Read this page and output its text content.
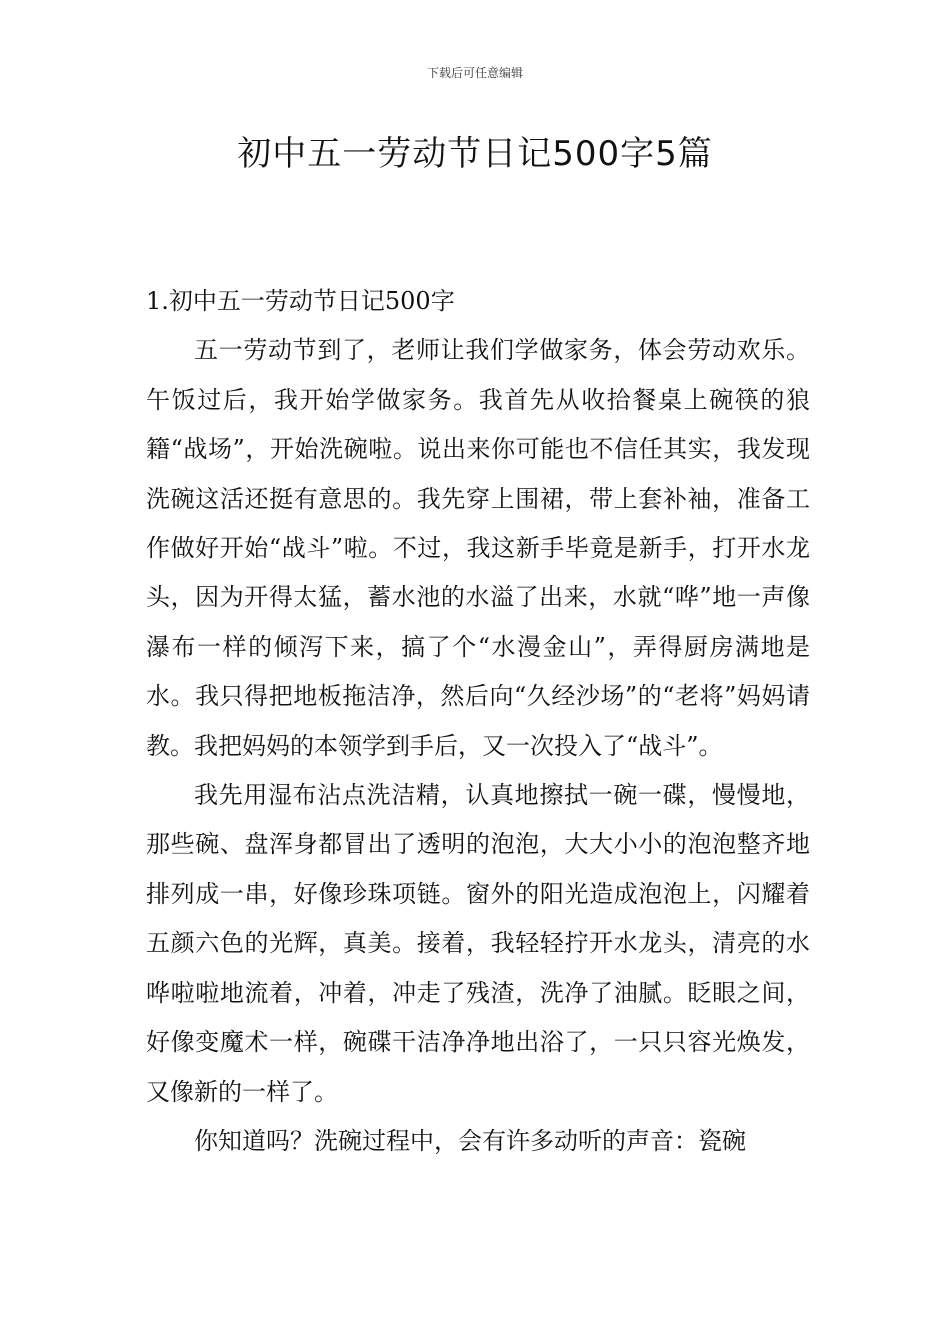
下载后可任意编辑
初中五一劳动节日记500字5篇

1.初中五一劳动节日记500字

五一劳动节到了，老师让我们学做家务，体会劳动欢乐。午饭过后，我开始学做家务。我首先从收拾餐桌上碗筷的狼籍“战场”，开始洗碗啦。说出来你可能也不信任其实，我发现洗碗这活还挺有意思的。我先穿上围裙，带上套补袖，准备工作做好开始“战斗”啦。不过，我这新手毕竟是新手，打开水龙头，因为开得太猛，蓄水池的水溢了出来，水就“哗”地一声像瀑布一样的倾泻下来，搞了个“水漫金山”，弄得厨房满地是水。我只得把地板拖洁净，然后向“久经沙场”的“老将”妈妈请教。我把妈妈的本领学到手后，又一次投入了“战斗”。

我先用湿布沾点洗洁精，认真地擦拭一碗一碟，慢慢地，那些碗、盘浑身都冒出了透明的泡泡，大大小小的泡泡整齐地排列成一串，好像珍珠项链。窗外的阳光造成泡泡上，闪耀着五颜六色的光辉，真美。接着，我轻轻拧开水龙头，清亮的水哗啦啦地流着，冲着，冲走了残渣，洗净了油腻。眨眼之间，好像变魔术一样，碗碟干洁净净地出浴了，一只只容光焕发，又像新的一样了。

你知道吗？洗碗过程中，会有许多动听的声音：瓷碗
